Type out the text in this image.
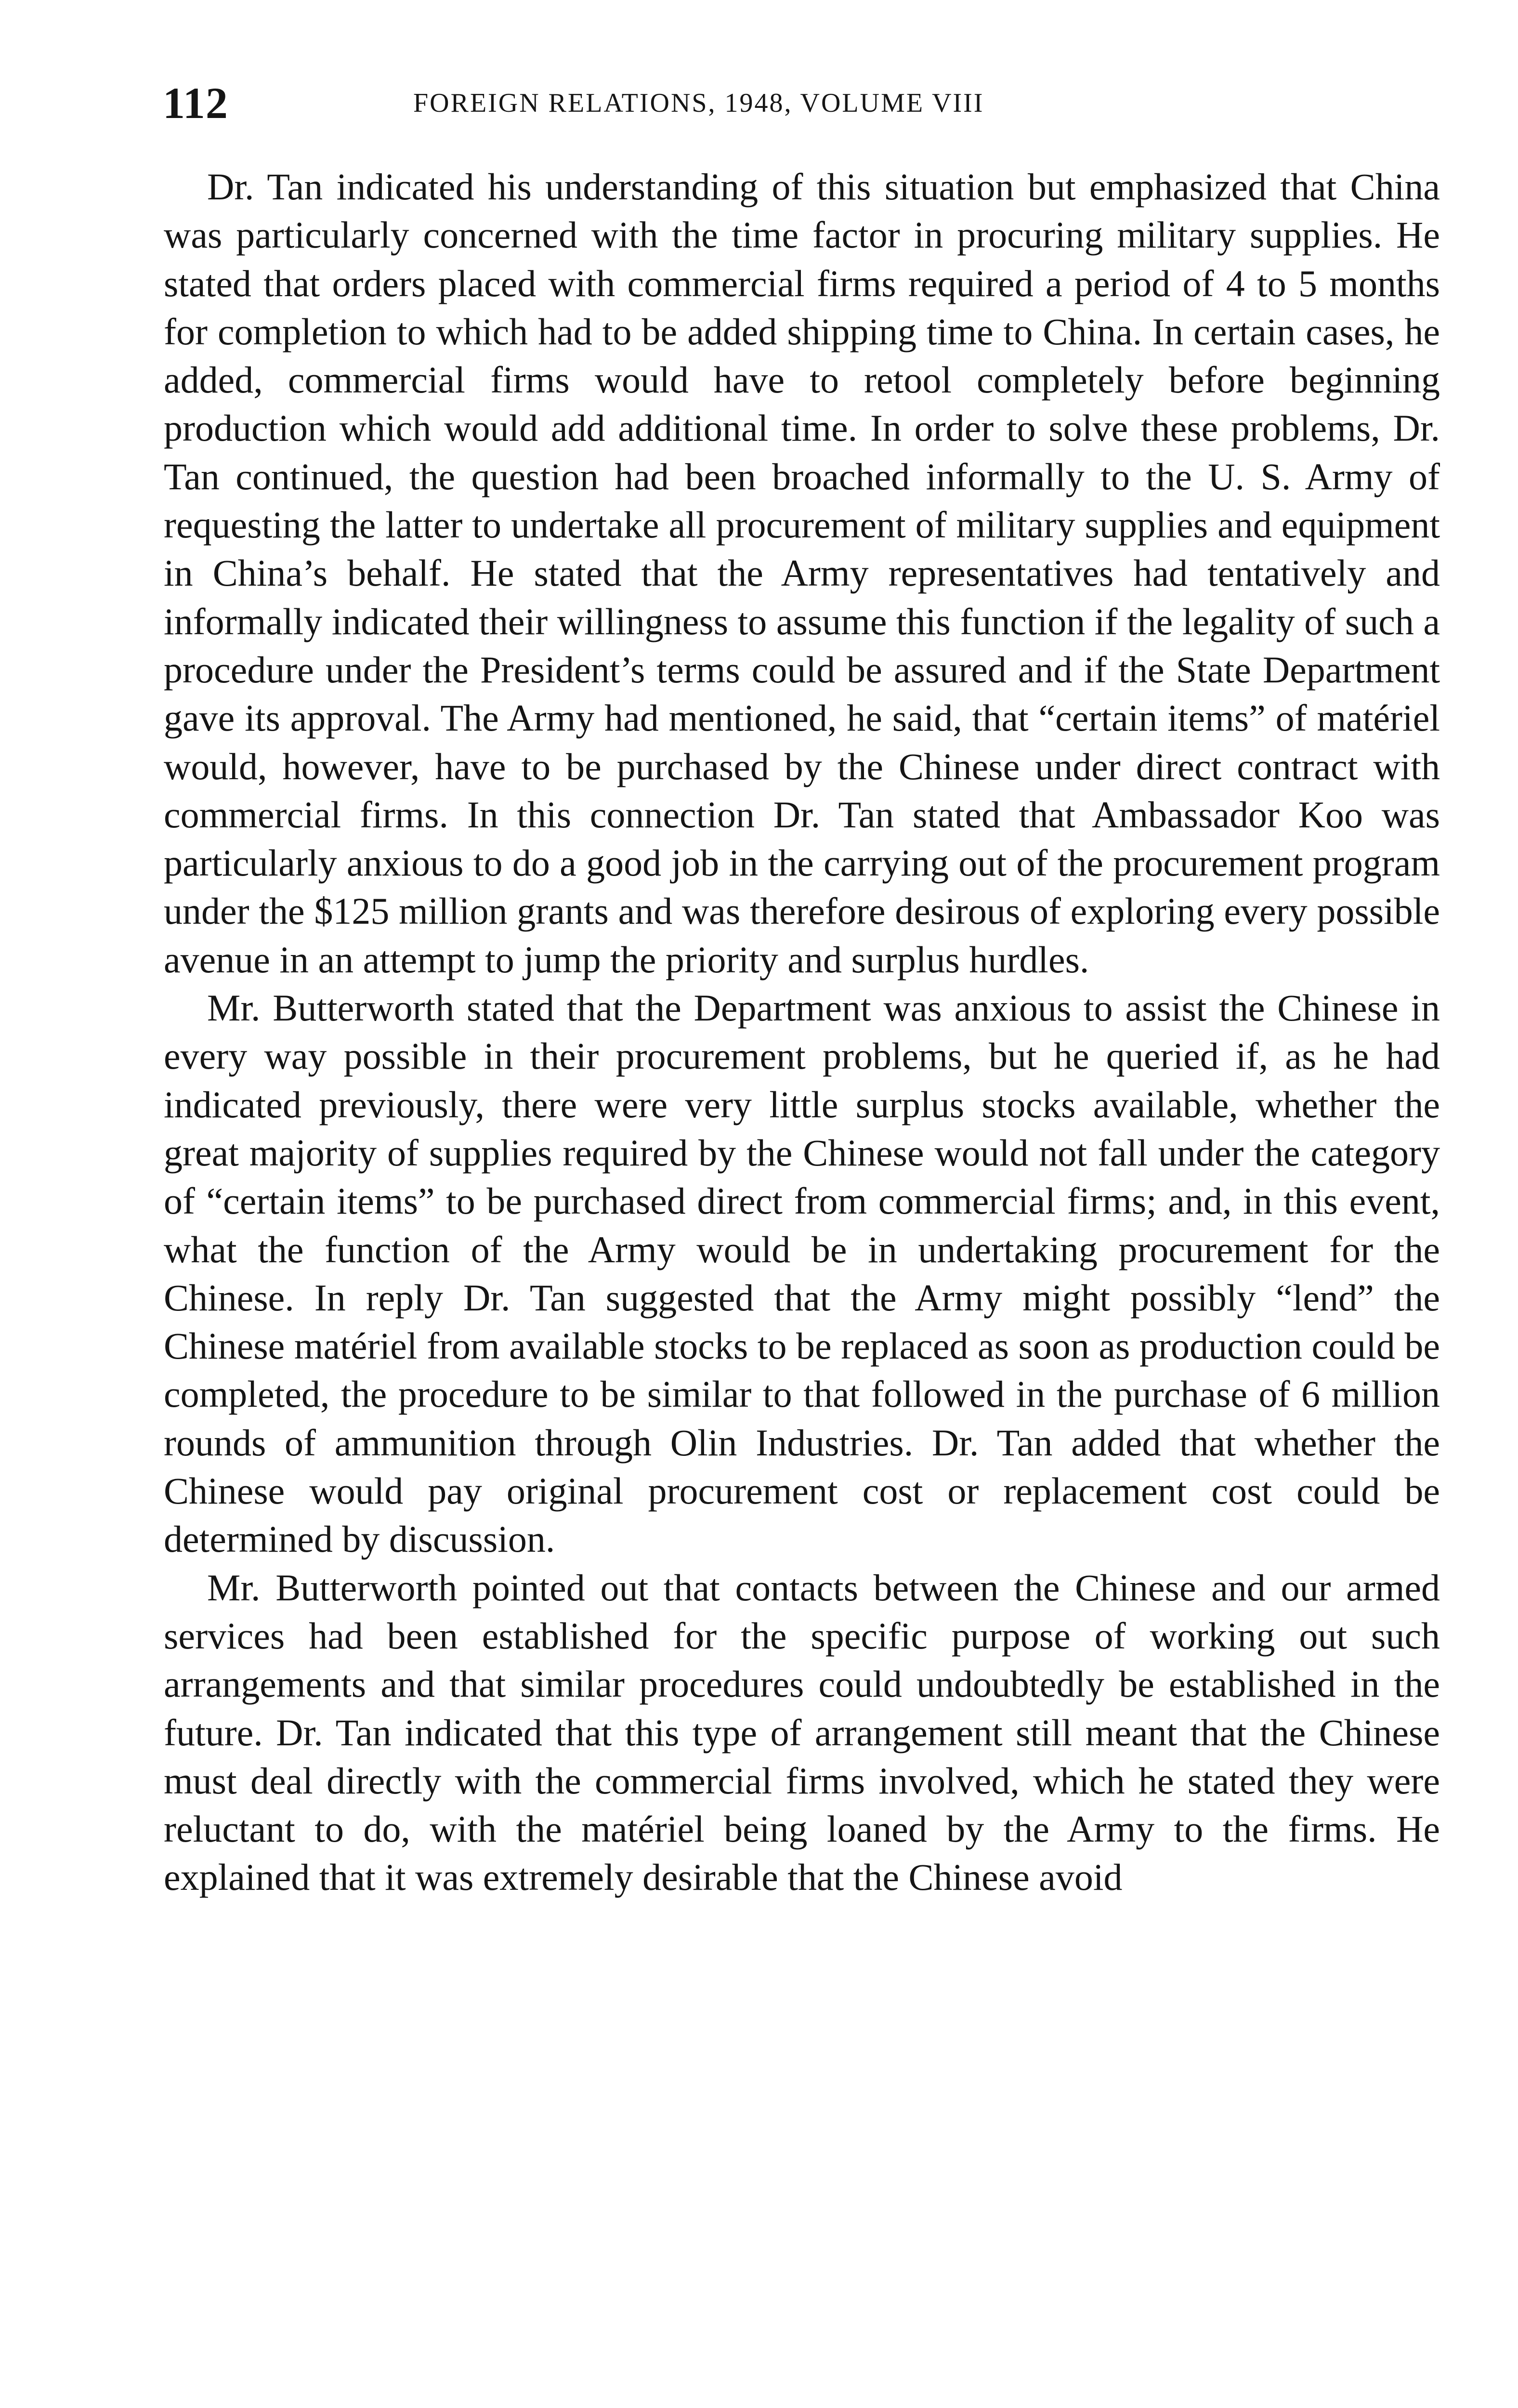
112	FOREIGN RELATIONS, 1948, VOLUME VIII

Dr. Tan indicated his understanding of this situation but emphasized that China was particularly concerned with the time factor in procuring military supplies. He stated that orders placed with commercial firms required a period of 4 to 5 months for completion to which had to be added shipping time to China. In certain cases, he added, commercial firms would have to retool completely before beginning production which would add additional time. In order to solve these problems, Dr. Tan continued, the question had been broached informally to the U. S. Army of requesting the latter to undertake all procurement of military supplies and equipment in China’s behalf. He stated that the Army representatives had tentatively and informally indicated their willingness to assume this function if the legality of such a procedure under the President’s terms could be assured and if the State Department gave its approval. The Army had mentioned, he said, that “certain items” of matériel would, however, have to be purchased by the Chinese under direct contract with commercial firms. In this connection Dr. Tan stated that Ambassador Koo was particularly anxious to do a good job in the carrying out of the procurement program under the $125 million grants and was therefore desirous of exploring every possible avenue in an attempt to jump the priority and surplus hurdles.

Mr. Butterworth stated that the Department was anxious to assist the Chinese in every way possible in their procurement problems, but he queried if, as he had indicated previously, there were very little surplus stocks available, whether the great majority of supplies required by the Chinese would not fall under the category of “certain items” to be purchased direct from commercial firms; and, in this event, what the function of the Army would be in undertaking procurement for the Chinese. In reply Dr. Tan suggested that the Army might possibly “lend” the Chinese matériel from available stocks to be replaced as soon as production could be completed, the procedure to be similar to that followed in the purchase of 6 million rounds of ammunition through Olin Industries. Dr. Tan added that whether the Chinese would pay original procurement cost or replacement cost could be determined by discussion.

Mr. Butterworth pointed out that contacts between the Chinese and our armed services had been established for the specific purpose of working out such arrangements and that similar procedures could undoubtedly be established in the future. Dr. Tan indicated that this type of arrangement still meant that the Chinese must deal directly with the commercial firms involved, which he stated they were reluctant to do, with the matériel being loaned by the Army to the firms. He explained that it was extremely desirable that the Chinese avoid
